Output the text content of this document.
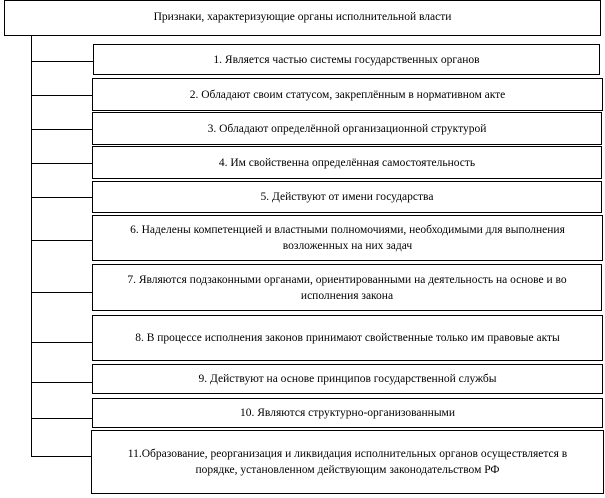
Признаки, характеризующие органы исполнительной власти
1. Является частью системы государственных органов
2. Обладают своим статусом, закреплённым в нормативном акте
3. Обладают определённой организационной структурой
4. Им свойственна определённая самостоятельность
5. Действуют от имени государства
6. Наделены компетенцией и властными полномочиями, необходимыми для выполнения возложенных на них задач
7. Являются подзаконными органами, ориентированными на деятельность на основе и во исполнения закона
8. В процессе исполнения законов принимают свойственные только им правовые акты
9. Действуют на основе принципов государственной службы
10. Являются структурно-организованными
11.Образование, реорганизация и ликвидация исполнительных органов осуществляется в порядке, установленном действующим законодательством РФ
